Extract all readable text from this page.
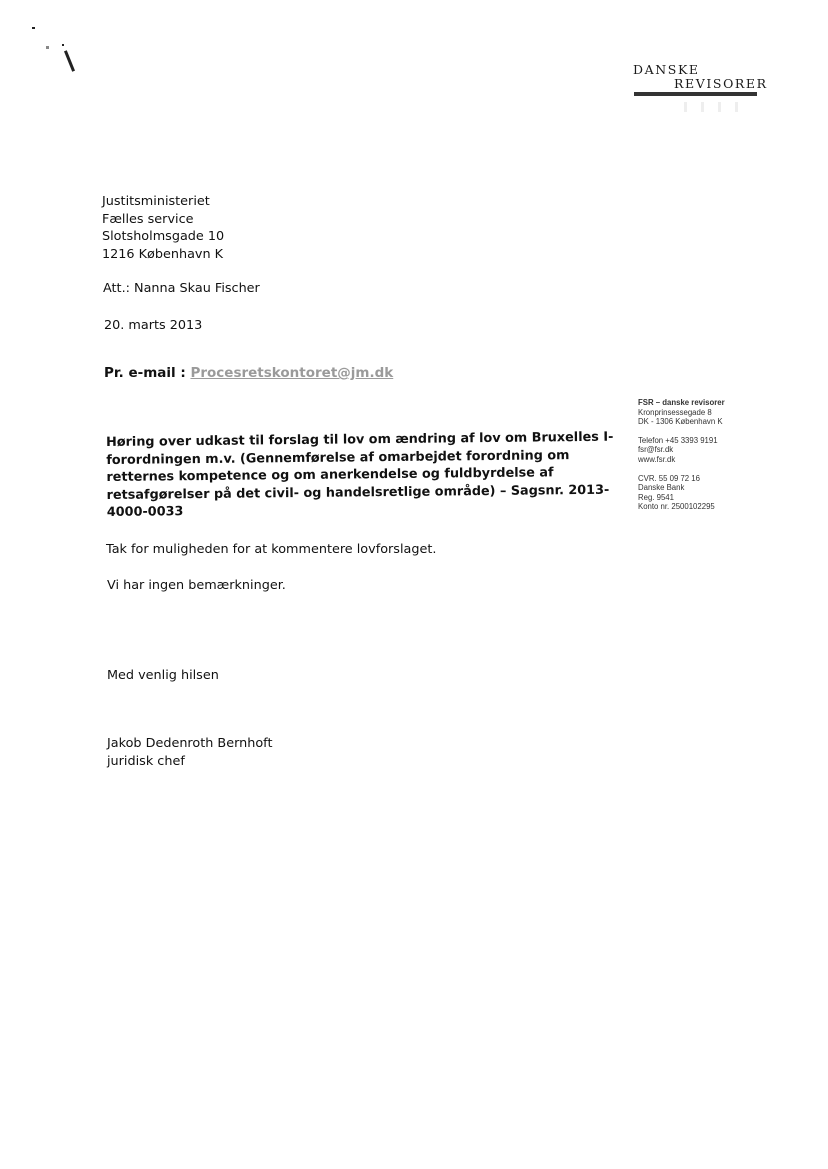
DANSKE
REVISORER
Justitsministeriet
Fælles service
Slotsholmsgade 10
1216 København K
Att.: Nanna Skau Fischer
20. marts 2013
Pr. e-mail : Procesretskontoret@jm.dk
Høring over udkast til forslag til lov om ændring af lov om Bruxelles I-
forordningen m.v. (Gennemførelse af omarbejdet forordning om
retternes kompetence og om anerkendelse og fuldbyrdelse af
retsafgørelser på det civil- og handelsretlige område) – Sagsnr. 2013-
4000-0033
Tak for muligheden for at kommentere lovforslaget.
Vi har ingen bemærkninger.
Med venlig hilsen
Jakob Dedenroth Bernhoft
juridisk chef
FSR – danske revisorer
Kronprinsessegade 8
DK - 1306 København K
Telefon +45 3393 9191
fsr@fsr.dk
www.fsr.dk
CVR. 55 09 72 16
Danske Bank
Reg. 9541
Konto nr. 2500102295
